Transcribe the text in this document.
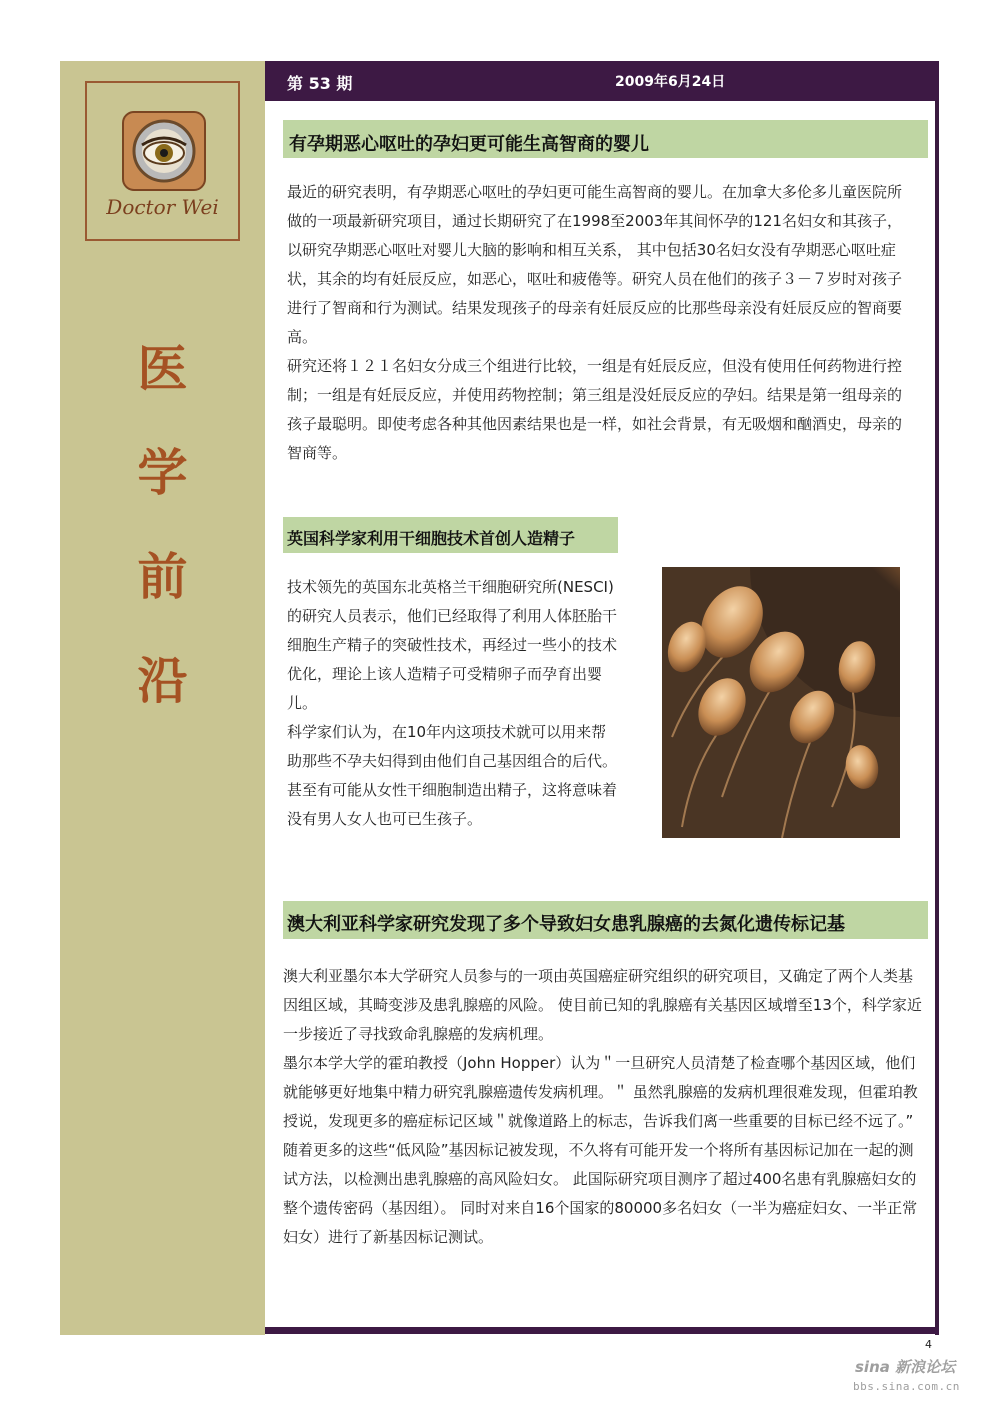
Doctor Wei
医
学
前
沿
第 53 期	2009年6月24日
有孕期恶心呕吐的孕妇更可能生高智商的婴儿

最近的研究表明，有孕期恶心呕吐的孕妇更可能生高智商的婴儿。在加拿大多伦多儿童医院所做的一项最新研究项目，通过长期研究了在1998至2003年其间怀孕的121名妇女和其孩子，以研究孕期恶心呕吐对婴儿大脑的影响和相互关系， 其中包括30名妇女没有孕期恶心呕吐症状，其余的均有妊辰反应，如恶心，呕吐和疲倦等。研究人员在他们的孩子３－７岁时对孩子进行了智商和行为测试。结果发现孩子的母亲有妊辰反应的比那些母亲没有妊辰反应的智商要高。

研究还将１２１名妇女分成三个组进行比较，一组是有妊辰反应，但没有使用任何药物进行控制；一组是有妊辰反应，并使用药物控制；第三组是没妊辰反应的孕妇。结果是第一组母亲的孩子最聪明。即使考虑各种其他因素结果也是一样，如社会背景，有无吸烟和酗酒史，母亲的智商等。

英国科学家利用干细胞技术首创人造精子

技术领先的英国东北英格兰干细胞研究所(NESCI)的研究人员表示，他们已经取得了利用人体胚胎干细胞生产精子的突破性技术，再经过一些小的技术优化，理论上该人造精子可受精卵子而孕育出婴儿。

科学家们认为，在10年内这项技术就可以用来帮助那些不孕夫妇得到由他们自己基因组合的后代。甚至有可能从女性干细胞制造出精子，这将意味着没有男人女人也可已生孩子。

澳大利亚科学家研究发现了多个导致妇女患乳腺癌的去氮化遗传标记基

澳大利亚墨尔本大学研究人员参与的一项由英国癌症研究组织的研究项目，又确定了两个人类基因组区域，其畸变涉及患乳腺癌的风险。 使目前已知的乳腺癌有关基因区域增至13个，科学家近一步接近了寻找致命乳腺癌的发病机理。

墨尔本学大学的霍珀教授（John Hopper）认为＂一旦研究人员清楚了检查哪个基因区域，他们就能够更好地集中精力研究乳腺癌遗传发病机理。＂ 虽然乳腺癌的发病机理很难发现，但霍珀教授说，发现更多的癌症标记区域＂就像道路上的标志，告诉我们离一些重要的目标已经不远了。”

随着更多的这些“低风险”基因标记被发现，不久将有可能开发一个将所有基因标记加在一起的测试方法，以检测出患乳腺癌的高风险妇女。 此国际研究项目测序了超过400名患有乳腺癌妇女的整个遗传密码（基因组）。 同时对来自16个国家的80000多名妇女（一半为癌症妇女、一半正常妇女）进行了新基因标记测试。

4
sina 新浪论坛
bbs.sina.com.cn
